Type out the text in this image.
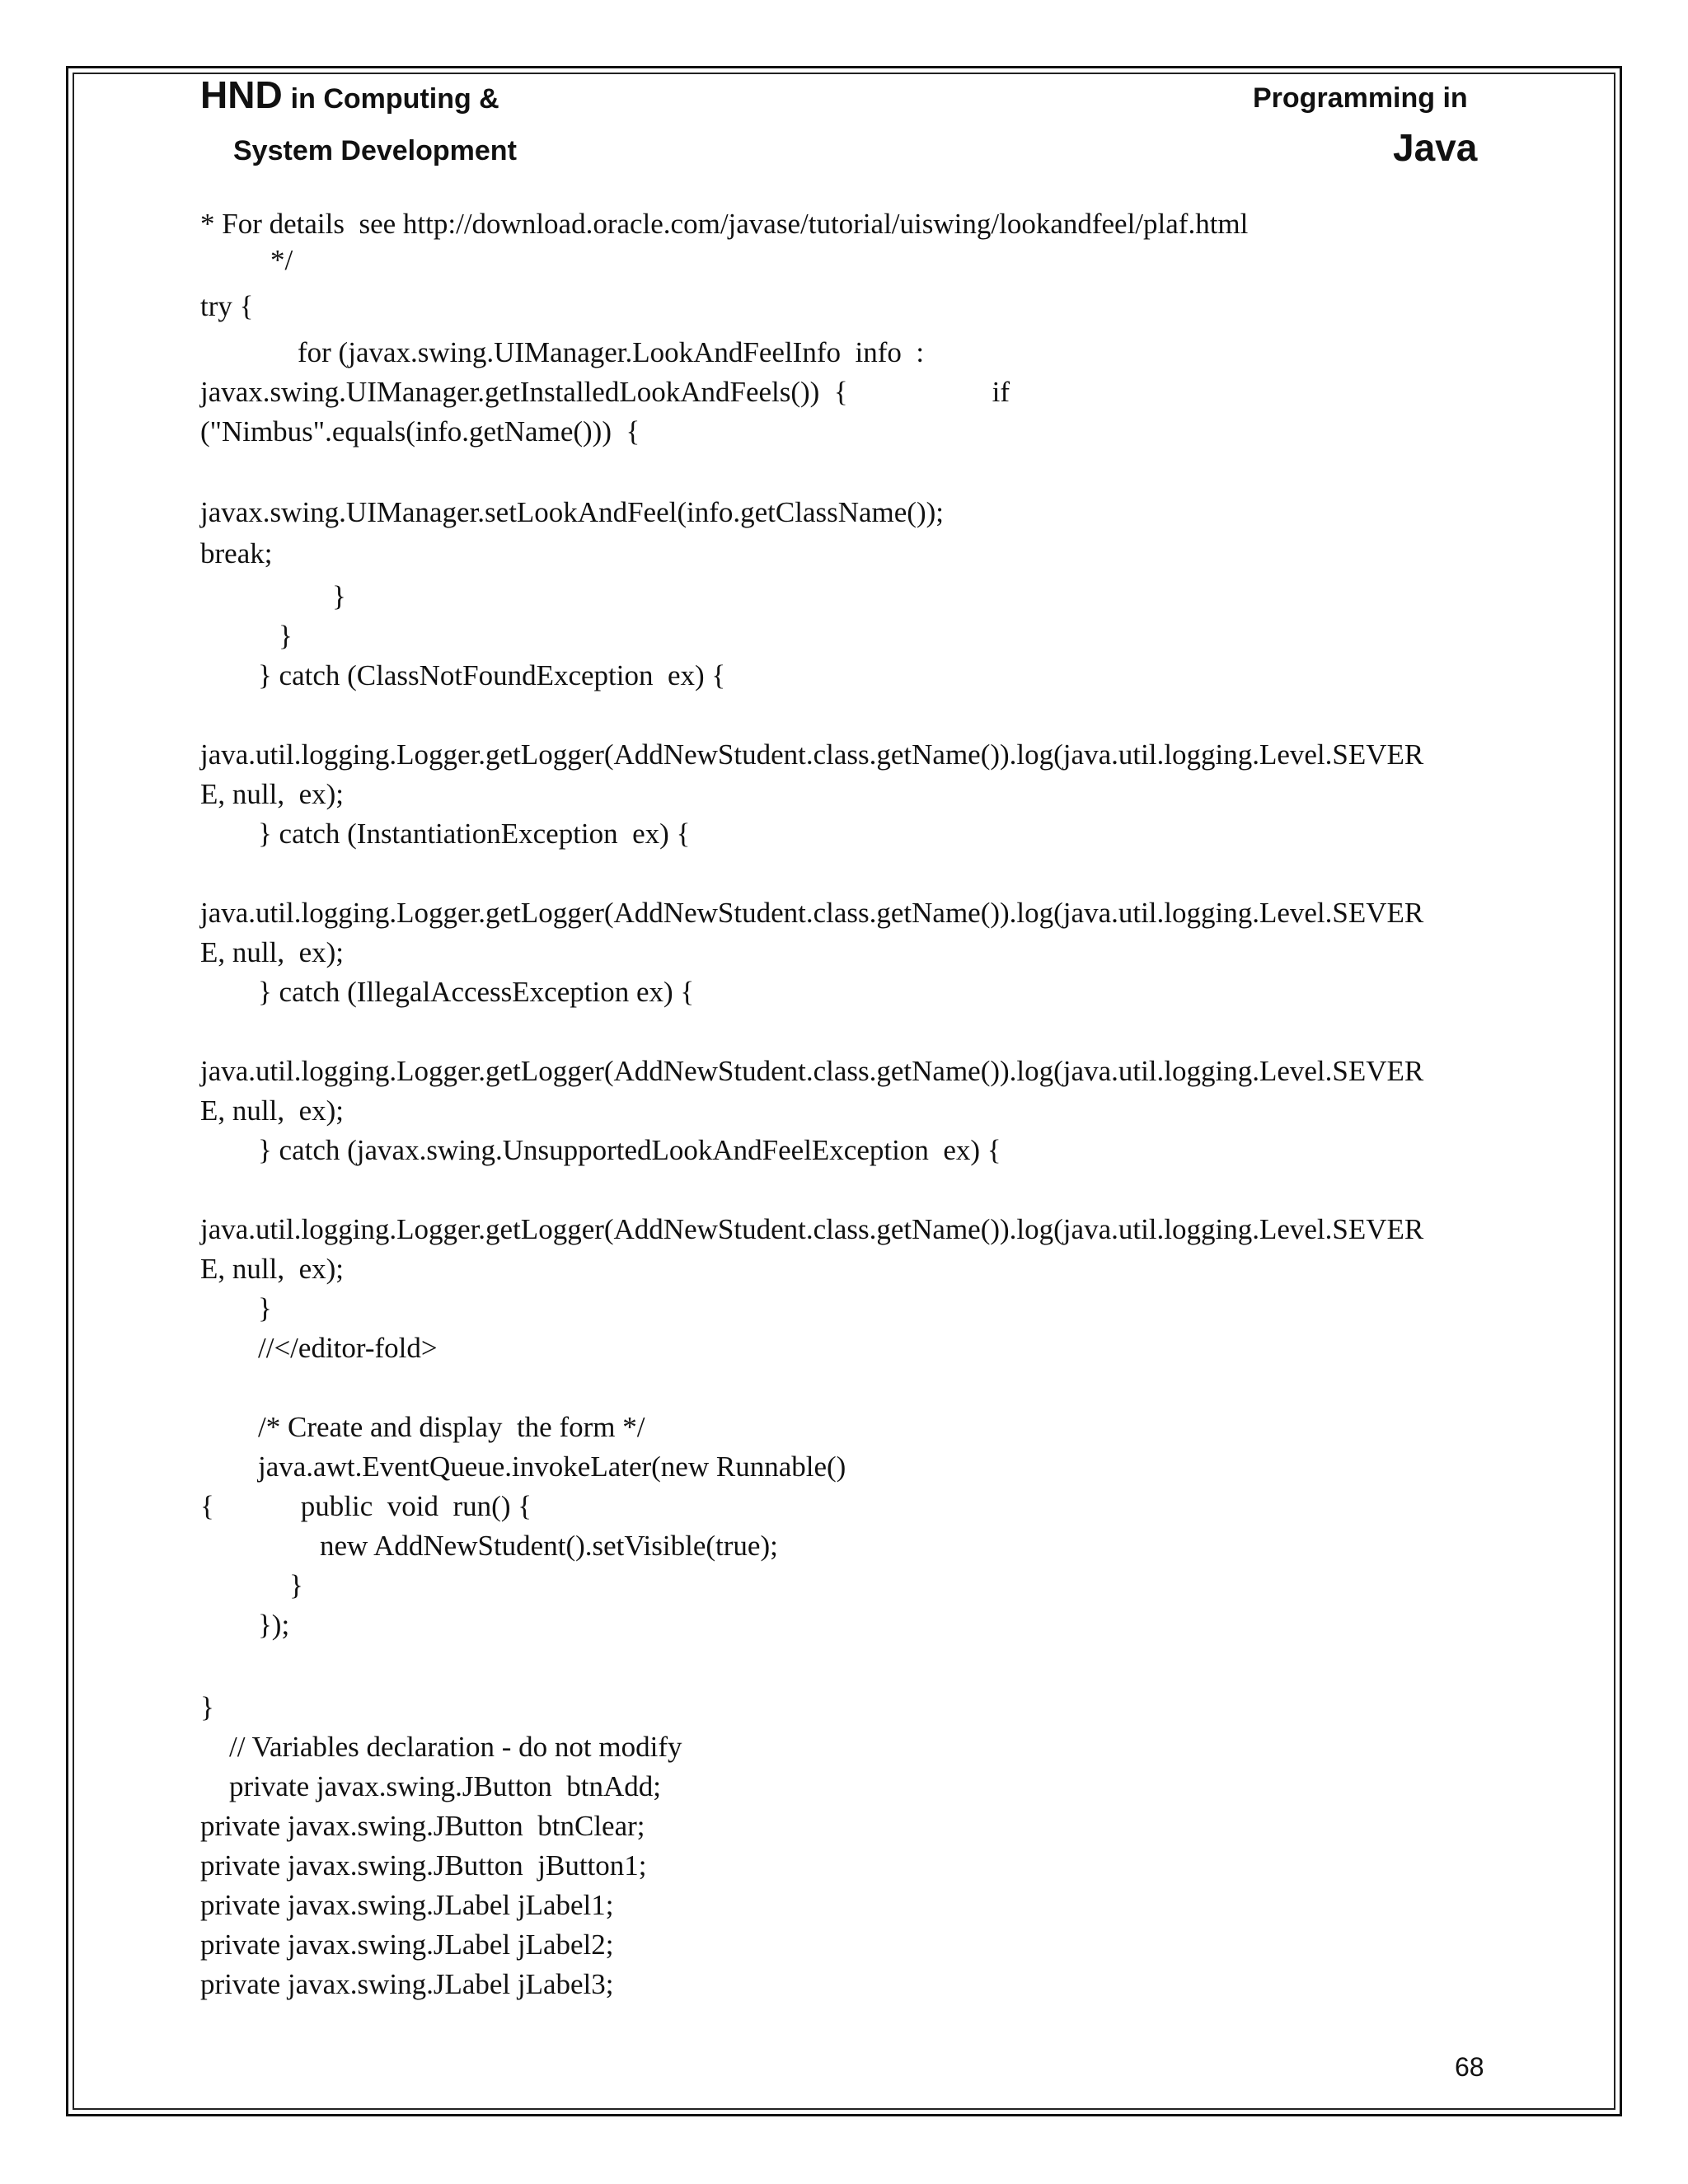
HND in Computing &
System Development
Programming in
Java
* For details  see http://download.oracle.com/javase/tutorial/uiswing/lookandfeel/plaf.html
*/
try {
for (javax.swing.UIManager.LookAndFeelInfo  info  :
javax.swing.UIManager.getInstalledLookAndFeels())  {                    if
("Nimbus".equals(info.getName()))  {
javax.swing.UIManager.setLookAndFeel(info.getClassName());
break;
}
}
} catch (ClassNotFoundException  ex) {
java.util.logging.Logger.getLogger(AddNewStudent.class.getName()).log(java.util.logging.Level.SEVER
E, null,  ex);
} catch (InstantiationException  ex) {
java.util.logging.Logger.getLogger(AddNewStudent.class.getName()).log(java.util.logging.Level.SEVER
E, null,  ex);
} catch (IllegalAccessException ex) {
java.util.logging.Logger.getLogger(AddNewStudent.class.getName()).log(java.util.logging.Level.SEVER
E, null,  ex);
} catch (javax.swing.UnsupportedLookAndFeelException  ex) {
java.util.logging.Logger.getLogger(AddNewStudent.class.getName()).log(java.util.logging.Level.SEVER
E, null,  ex);
}
//</editor-fold>
/* Create and display  the form */
java.awt.EventQueue.invokeLater(new Runnable()
{            public  void  run() {
new AddNewStudent().setVisible(true);
}
});
}
// Variables declaration - do not modify
private javax.swing.JButton  btnAdd;
private javax.swing.JButton  btnClear;
private javax.swing.JButton  jButton1;
private javax.swing.JLabel jLabel1;
private javax.swing.JLabel jLabel2;
private javax.swing.JLabel jLabel3;
68
